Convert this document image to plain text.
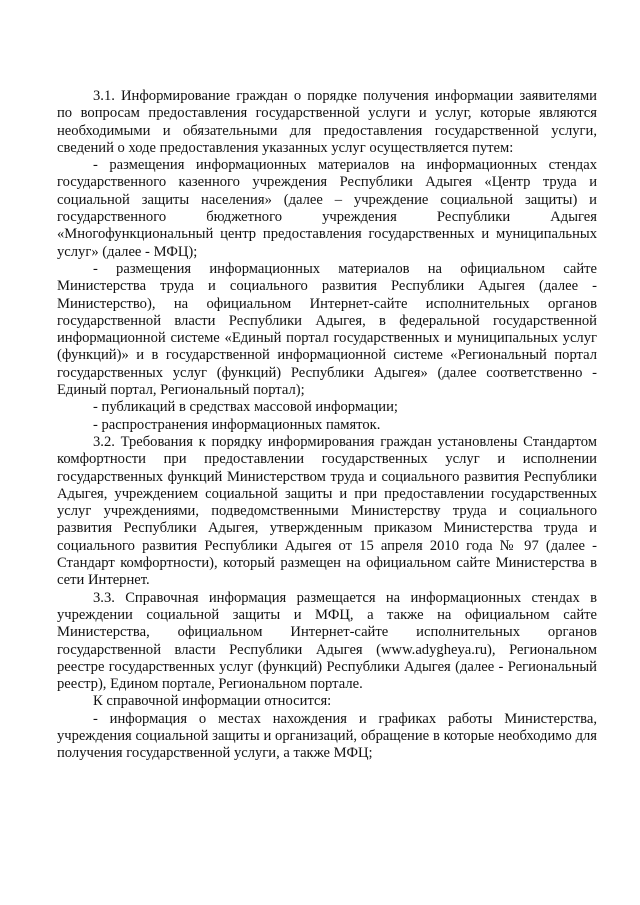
3.1. Информирование граждан о порядке получения информации заявителями по вопросам предоставления государственной услуги и услуг, которые являются необходимыми и обязательными для предоставления государственной услуги, сведений о ходе предоставления указанных услуг осуществляется путем:

- размещения информационных материалов на информационных стендах государственного казенного учреждения Республики Адыгея «Центр труда и социальной защиты населения» (далее – учреждение социальной защиты) и государственного бюджетного учреждения Республики Адыгея «Многофункциональный центр предоставления государственных и муниципальных услуг» (далее - МФЦ);

- размещения информационных материалов на официальном сайте Министерства труда и социального развития Республики Адыгея (далее - Министерство), на официальном Интернет-сайте исполнительных органов государственной власти Республики Адыгея, в федеральной государственной информационной системе «Единый портал государственных и муниципальных услуг (функций)» и в государственной информационной системе «Региональный портал государственных услуг (функций) Республики Адыгея» (далее соответственно - Единый портал, Региональный портал);

- публикаций в средствах массовой информации;

- распространения информационных памяток.

3.2. Требования к порядку информирования граждан установлены Стандартом комфортности при предоставлении государственных услуг и исполнении государственных функций Министерством труда и социального развития Республики Адыгея, учреждением социальной защиты и при предоставлении государственных услуг учреждениями, подведомственными Министерству труда и социального развития Республики Адыгея, утвержденным приказом Министерства труда и социального развития Республики Адыгея от 15 апреля 2010 года № 97 (далее - Стандарт комфортности), который размещен на официальном сайте Министерства в сети Интернет.

3.3. Справочная информация размещается на информационных стендах в учреждении социальной защиты и МФЦ, а также на официальном сайте Министерства, официальном Интернет-сайте исполнительных органов государственной власти Республики Адыгея (www.adygheya.ru), Региональном реестре государственных услуг (функций) Республики Адыгея (далее - Региональный реестр), Едином портале, Региональном портале.

К справочной информации относится:

- информация о местах нахождения и графиках работы Министерства, учреждения социальной защиты и организаций, обращение в которые необходимо для получения государственной услуги, а также МФЦ;
